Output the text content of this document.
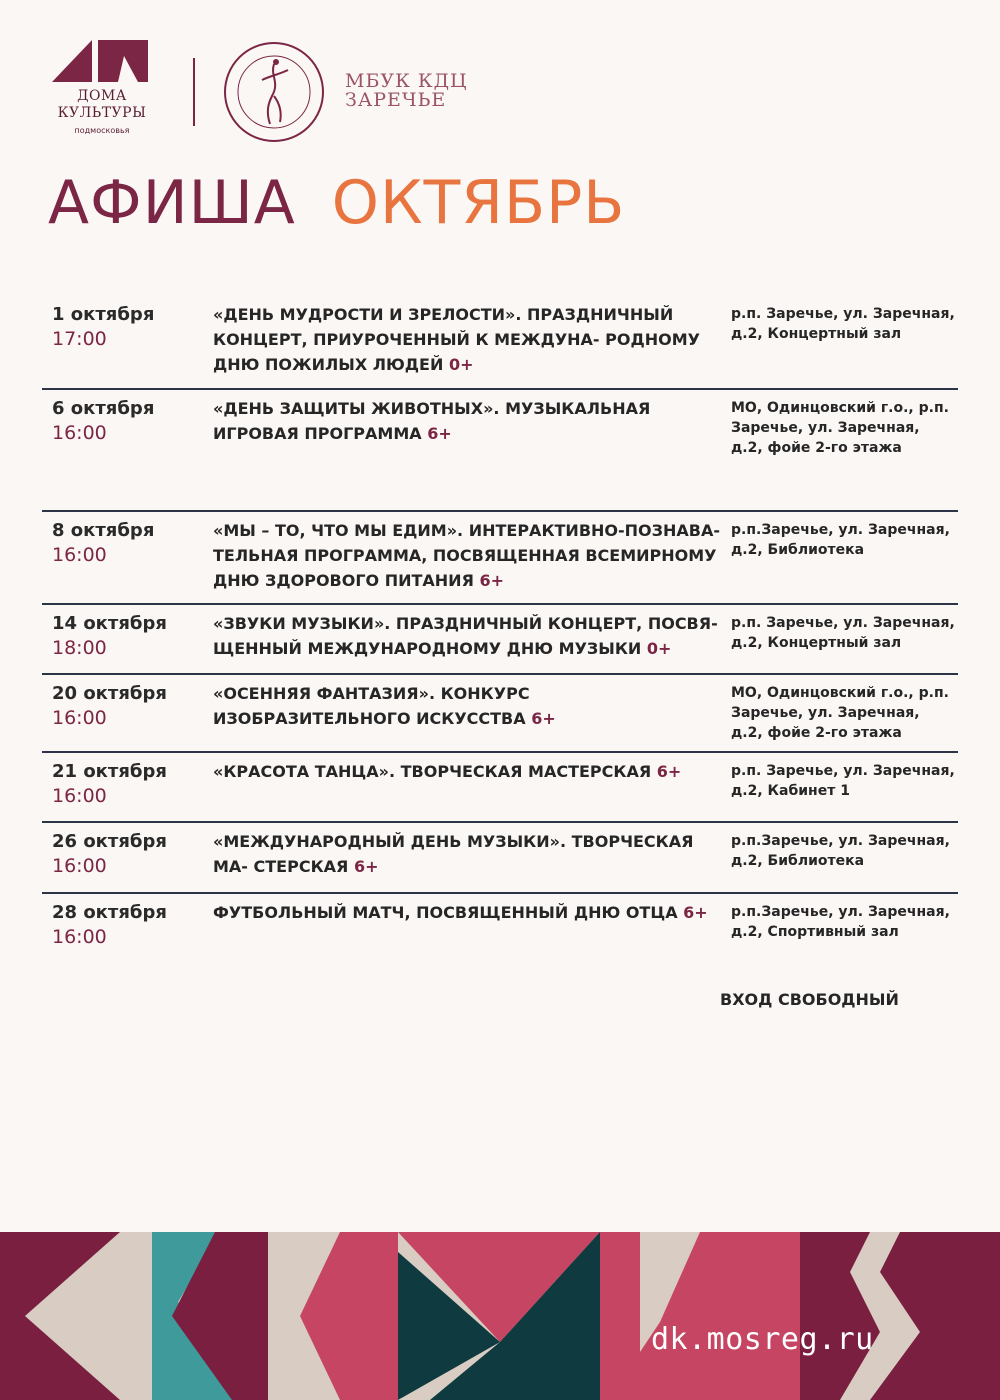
ДОМА
КУЛЬТУРЫ
подмосковья
МБУК КДЦ
ЗАРЕЧЬЕ
АФИША ОКТЯБРЬ
1 октября
17:00
«ДЕНЬ МУДРОСТИ И ЗРЕЛОСТИ». ПРАЗДНИЧНЫЙ КОНЦЕРТ, ПРИУРОЧЕННЫЙ К МЕЖДУНА- РОДНОМУ ДНЮ ПОЖИЛЫХ ЛЮДЕЙ 0+
р.п. Заречье, ул. Заречная, д.2, Концертный зал
6 октября
16:00
«ДЕНЬ ЗАЩИТЫ ЖИВОТНЫХ». МУЗЫКАЛЬНАЯ ИГРОВАЯ ПРОГРАММА 6+
МО, Одинцовский г.о., р.п. Заречье, ул. Заречная, д.2, фойе 2-го этажа
8 октября
16:00
«МЫ – ТО, ЧТО МЫ ЕДИМ». ИНТЕРАКТИВНО-ПОЗНАВА- ТЕЛЬНАЯ ПРОГРАММА, ПОСВЯЩЕННАЯ ВСЕМИРНОМУ ДНЮ ЗДОРОВОГО ПИТАНИЯ 6+
р.п.Заречье, ул. Заречная, д.2, Библиотека
14 октября
18:00
«ЗВУКИ МУЗЫКИ». ПРАЗДНИЧНЫЙ КОНЦЕРТ, ПОСВЯ- ЩЕННЫЙ МЕЖДУНАРОДНОМУ ДНЮ МУЗЫКИ 0+
р.п. Заречье, ул. Заречная, д.2, Концертный зал
20 октября
16:00
«ОСЕННЯЯ ФАНТАЗИЯ». КОНКУРС ИЗОБРАЗИТЕЛЬНОГО ИСКУССТВА 6+
МО, Одинцовский г.о., р.п. Заречье, ул. Заречная, д.2, фойе 2-го этажа
21 октября
16:00
«КРАСОТА ТАНЦА». ТВОРЧЕСКАЯ МАСТЕРСКАЯ 6+	р.п. Заречье, ул. Заречная, д.2, Кабинет 1
26 октября
16:00
«МЕЖДУНАРОДНЫЙ ДЕНЬ МУЗЫКИ». ТВОРЧЕСКАЯ МА- СТЕРСКАЯ 6+
р.п.Заречье, ул. Заречная, д.2, Библиотека
28 октября
16:00
ФУТБОЛЬНЫЙ МАТЧ, ПОСВЯЩЕННЫЙ ДНЮ ОТЦА 6+	р.п.Заречье, ул. Заречная, д.2, Спортивный зал
ВХОД СВОБОДНЫЙ
dk.mosreg.ru
